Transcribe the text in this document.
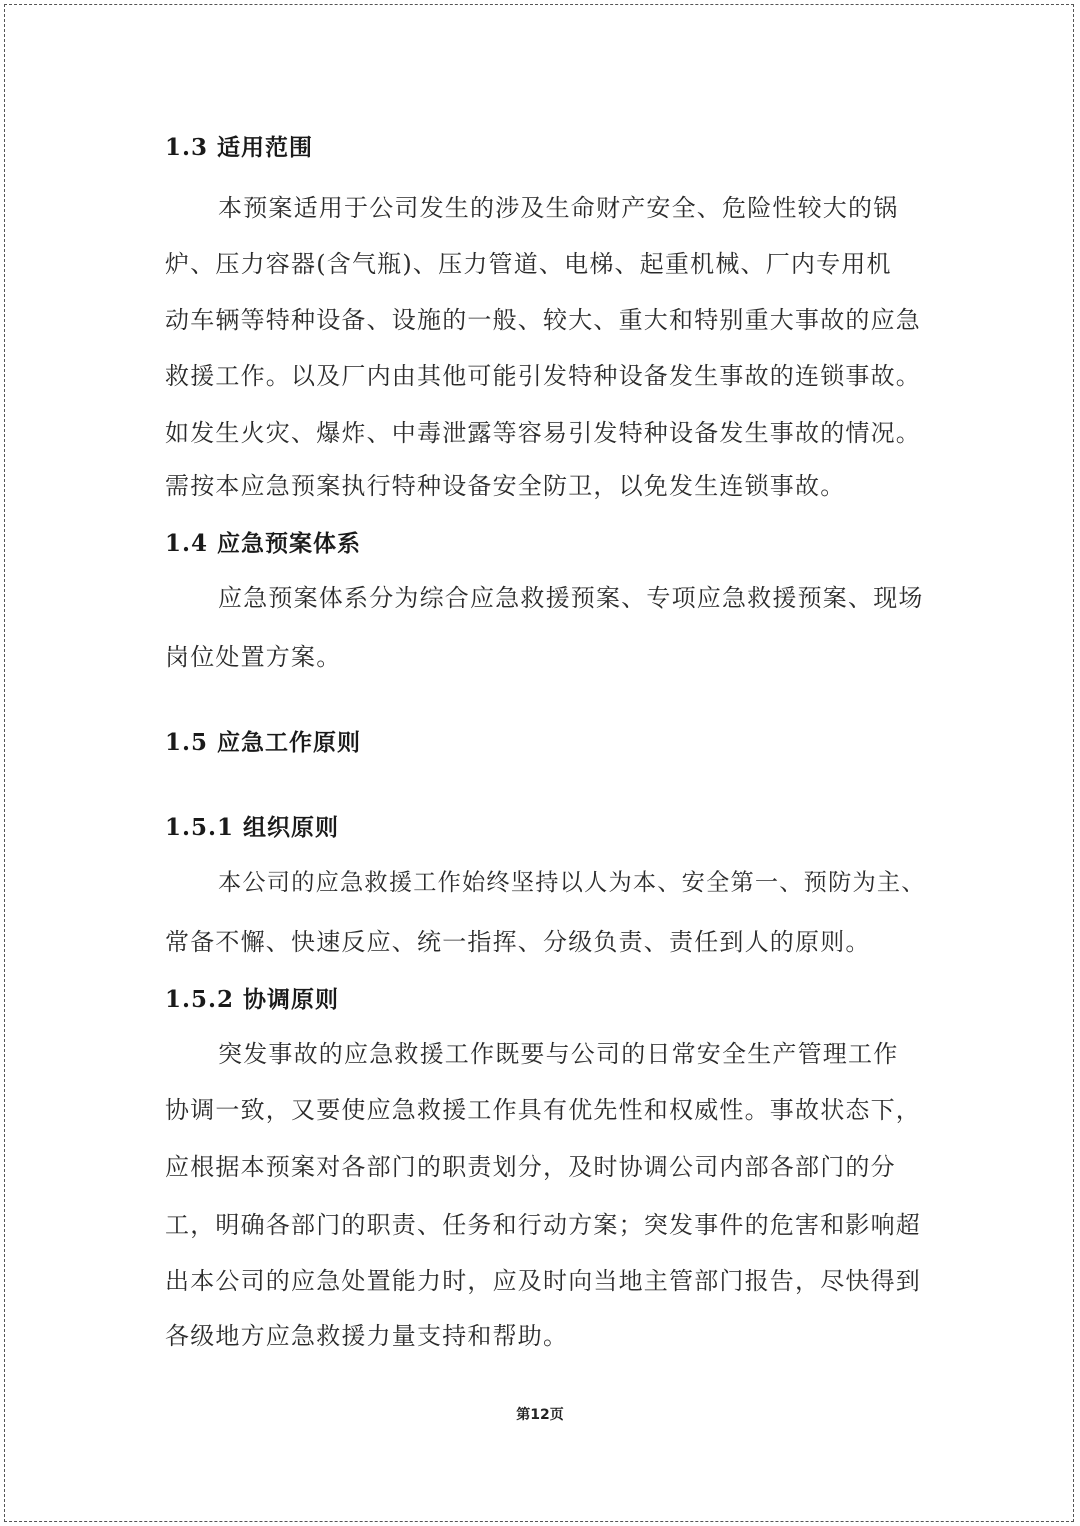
1.3 适用范围
本预案适用于公司发生的涉及生命财产安全、危险性较大的锅
炉、压力容器(含气瓶)、压力管道、电梯、起重机械、厂内专用机
动车辆等特种设备、设施的一般、较大、重大和特别重大事故的应急
救援工作。以及厂内由其他可能引发特种设备发生事故的连锁事故。
如发生火灾、爆炸、中毒泄露等容易引发特种设备发生事故的情况。
需按本应急预案执行特种设备安全防卫，以免发生连锁事故。
1.4 应急预案体系
应急预案体系分为综合应急救援预案、专项应急救援预案、现场
岗位处置方案。
1.5 应急工作原则
1.5.1 组织原则
本公司的应急救援工作始终坚持以人为本、安全第一、预防为主、
常备不懈、快速反应、统一指挥、分级负责、责任到人的原则。
1.5.2 协调原则
突发事故的应急救援工作既要与公司的日常安全生产管理工作
协调一致，又要使应急救援工作具有优先性和权威性。事故状态下，
应根据本预案对各部门的职责划分，及时协调公司内部各部门的分
工，明确各部门的职责、任务和行动方案；突发事件的危害和影响超
出本公司的应急处置能力时，应及时向当地主管部门报告，尽快得到
各级地方应急救援力量支持和帮助。
第12页
